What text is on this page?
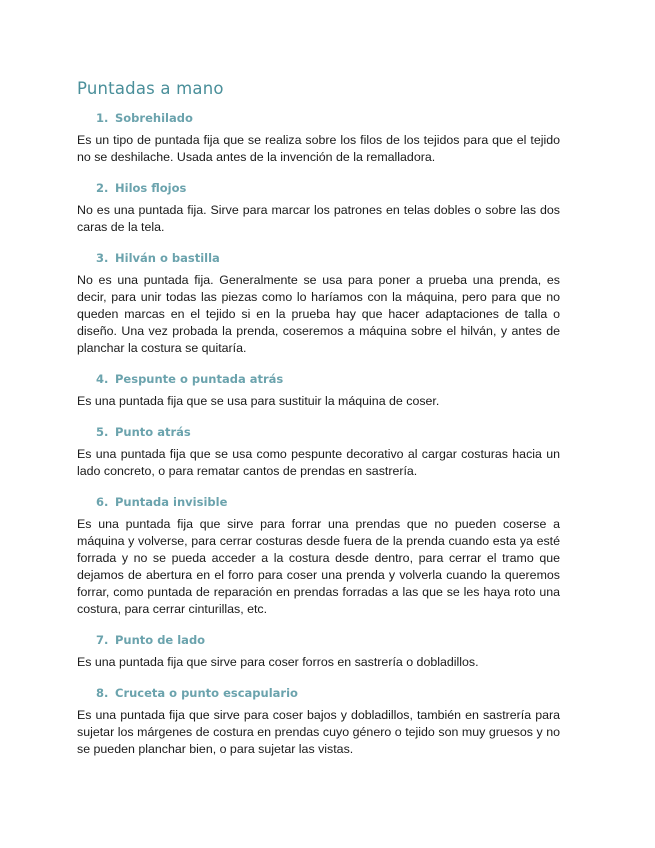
Puntadas a mano
1. Sobrehilado

Es un tipo de puntada fija que se realiza sobre los filos de los tejidos para que el tejido no se deshilache. Usada antes de la invención de la remalladora.

2. Hilos flojos

No es una puntada fija. Sirve para marcar los patrones en telas dobles o sobre las dos caras de la tela.

3. Hilván o bastilla

No es una puntada fija. Generalmente se usa para poner a prueba una prenda, es decir, para unir todas las piezas como lo haríamos con la máquina, pero para que no queden marcas en el tejido si en la prueba hay que hacer adaptaciones de talla o diseño. Una vez probada la prenda, coseremos a máquina sobre el hilván, y antes de planchar la costura se quitaría.

4. Pespunte o puntada atrás

Es una puntada fija que se usa para sustituir la máquina de coser.

5. Punto atrás

Es una puntada fija que se usa como pespunte decorativo al cargar costuras hacia un lado concreto, o para rematar cantos de prendas en sastrería.

6. Puntada invisible

Es una puntada fija que sirve para forrar una prendas que no pueden coserse a máquina y volverse, para cerrar costuras desde fuera de la prenda cuando esta ya esté forrada y no se pueda acceder a la costura desde dentro, para cerrar el tramo que dejamos de abertura en el forro para coser una prenda y volverla cuando la queremos forrar, como puntada de reparación en prendas forradas a las que se les haya roto una costura, para cerrar cinturillas, etc.

7. Punto de lado

Es una puntada fija que sirve para coser forros en sastrería o dobladillos.

8. Cruceta o punto escapulario

Es una puntada fija que sirve para coser bajos y dobladillos, también en sastrería para sujetar los márgenes de costura en prendas cuyo género o tejido son muy gruesos y no se pueden planchar bien, o para sujetar las vistas.
